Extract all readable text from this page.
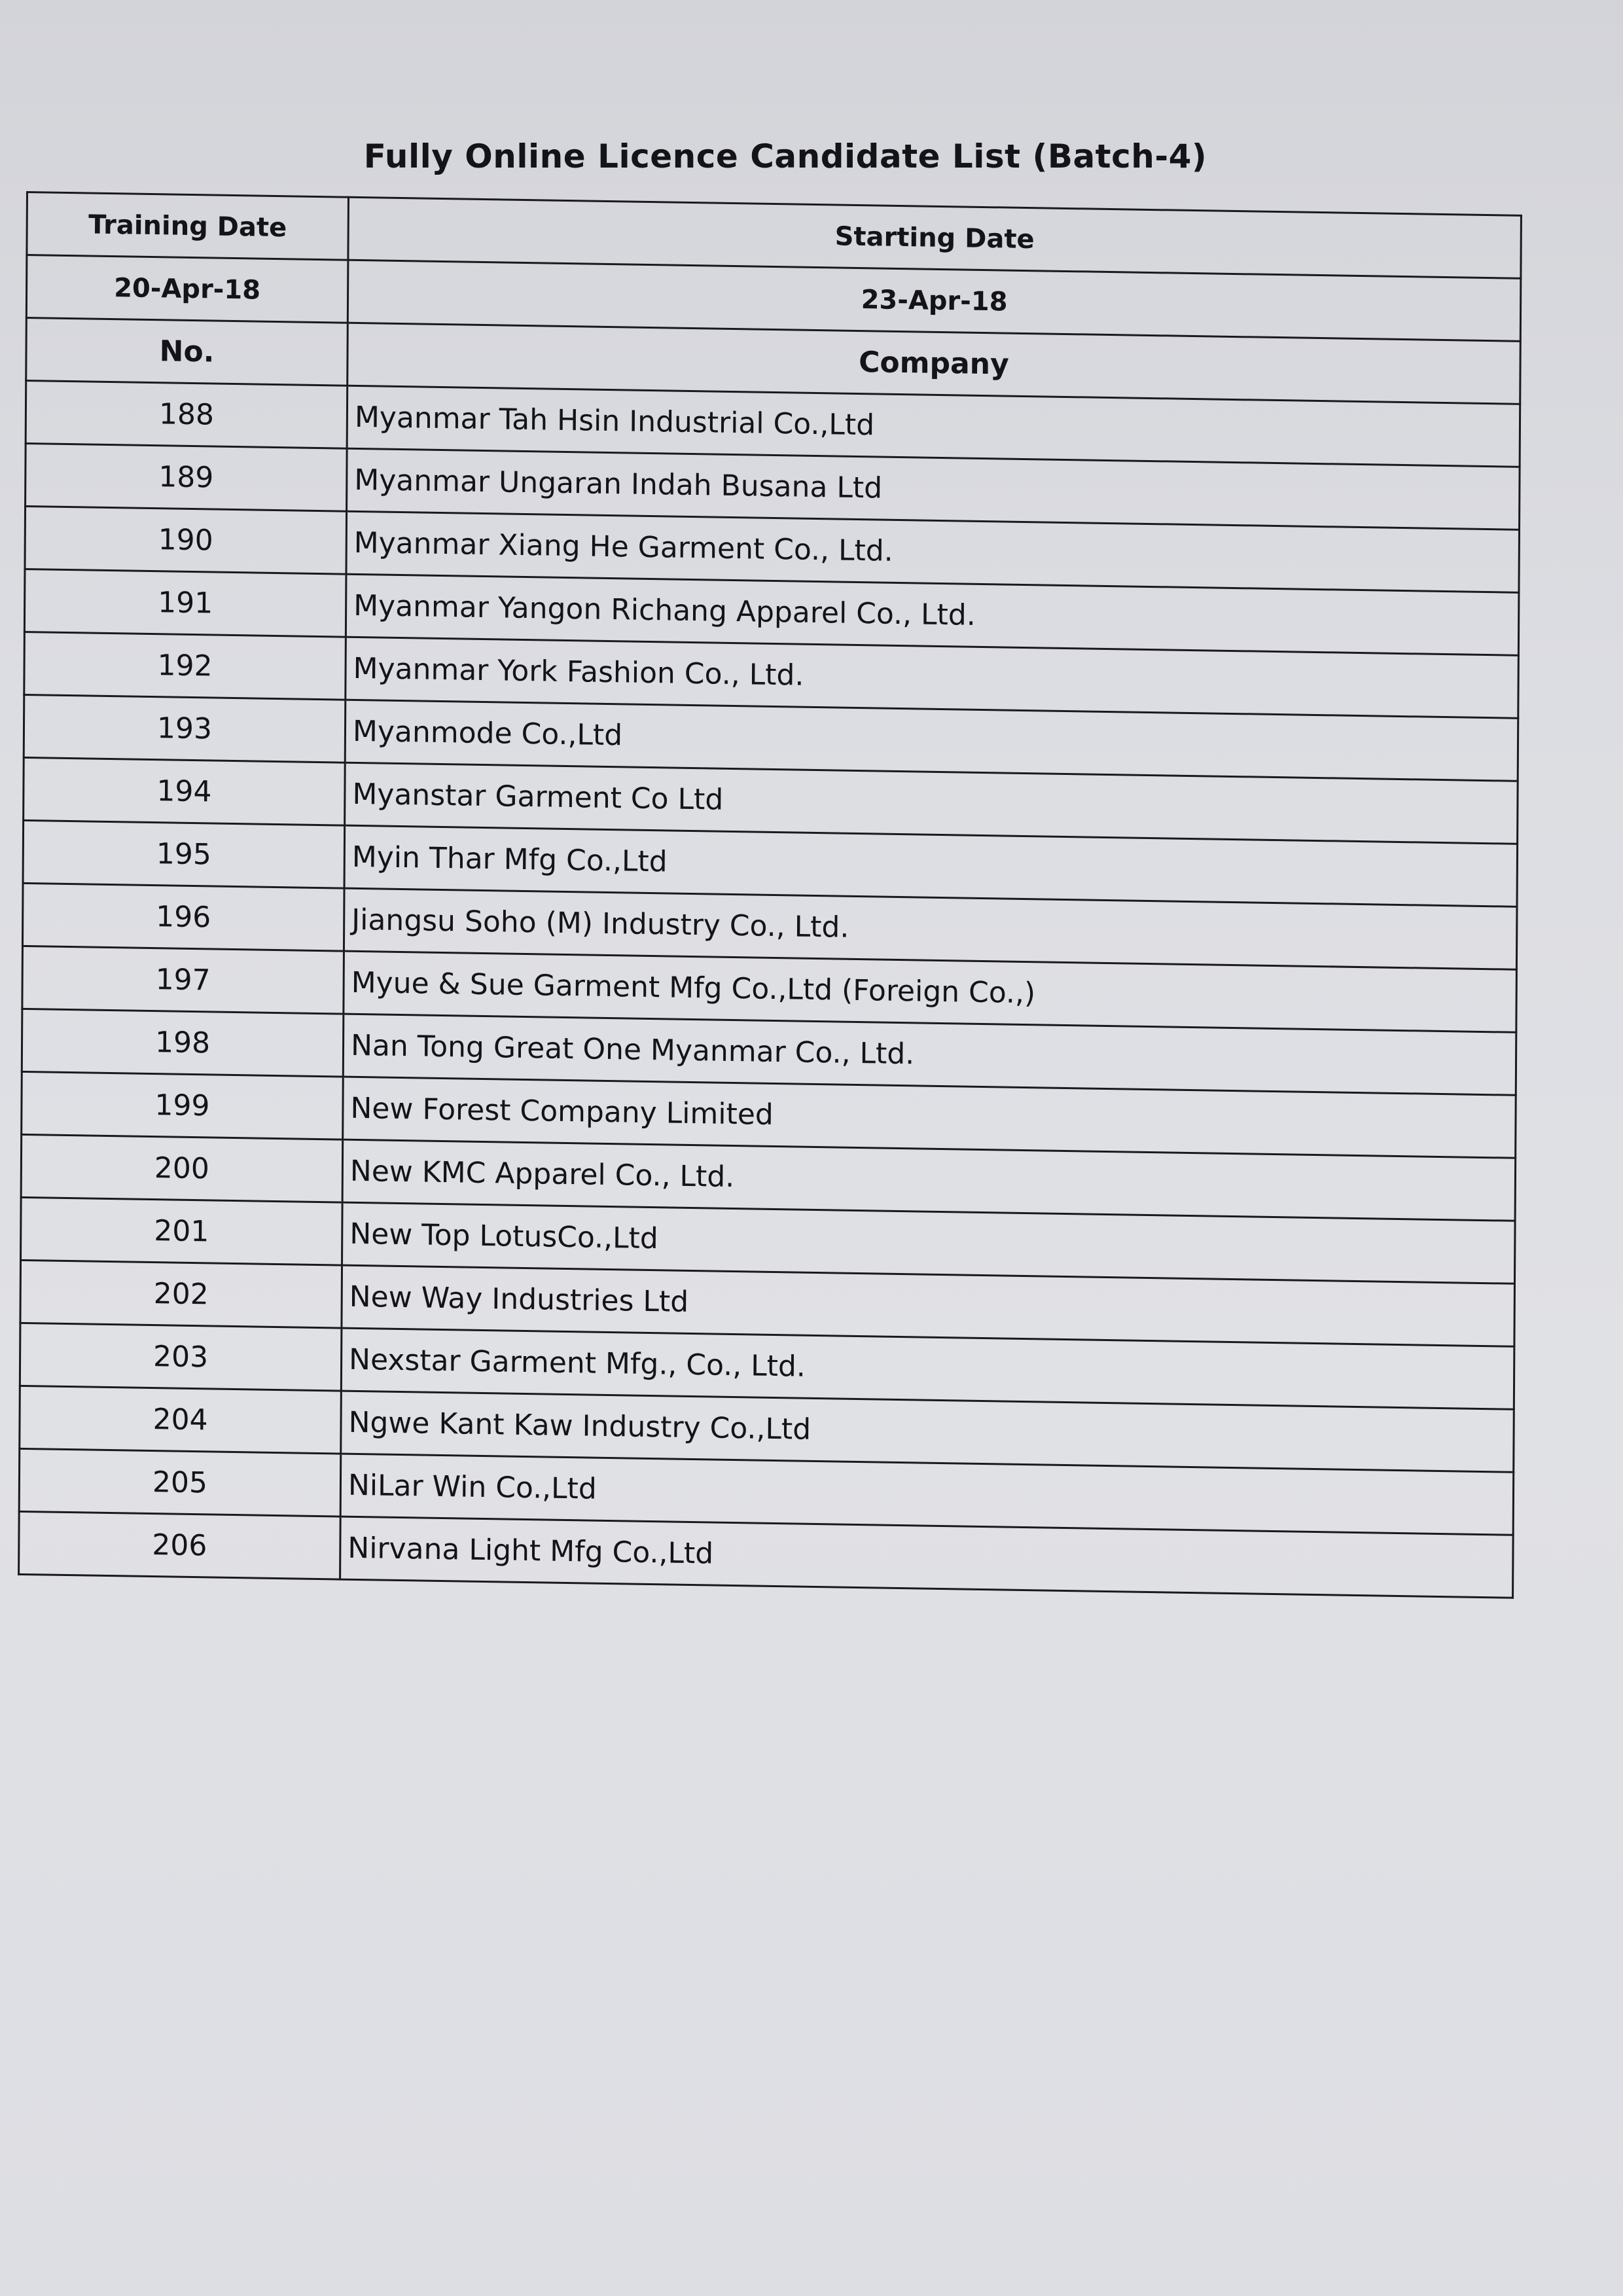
Fully Online Licence Candidate List (Batch-4)
Training Date	Starting Date
20-Apr-18	23-Apr-18
No.	Company
188	Myanmar Tah Hsin Industrial Co.,Ltd
189	Myanmar Ungaran Indah Busana Ltd
190	Myanmar Xiang He Garment Co., Ltd.
191	Myanmar Yangon Richang Apparel Co., Ltd.
192	Myanmar York Fashion Co., Ltd.
193	Myanmode Co.,Ltd
194	Myanstar Garment Co Ltd
195	Myin Thar Mfg Co.,Ltd
196	Jiangsu Soho (M) Industry Co., Ltd.
197	Myue & Sue Garment Mfg Co.,Ltd (Foreign Co.,)
198	Nan Tong Great One Myanmar Co., Ltd.
199	New Forest Company Limited
200	New KMC Apparel Co., Ltd.
201	New Top LotusCo.,Ltd
202	New Way Industries Ltd
203	Nexstar Garment Mfg., Co., Ltd.
204	Ngwe Kant Kaw Industry Co.,Ltd
205	NiLar Win Co.,Ltd
206	Nirvana Light Mfg Co.,Ltd
